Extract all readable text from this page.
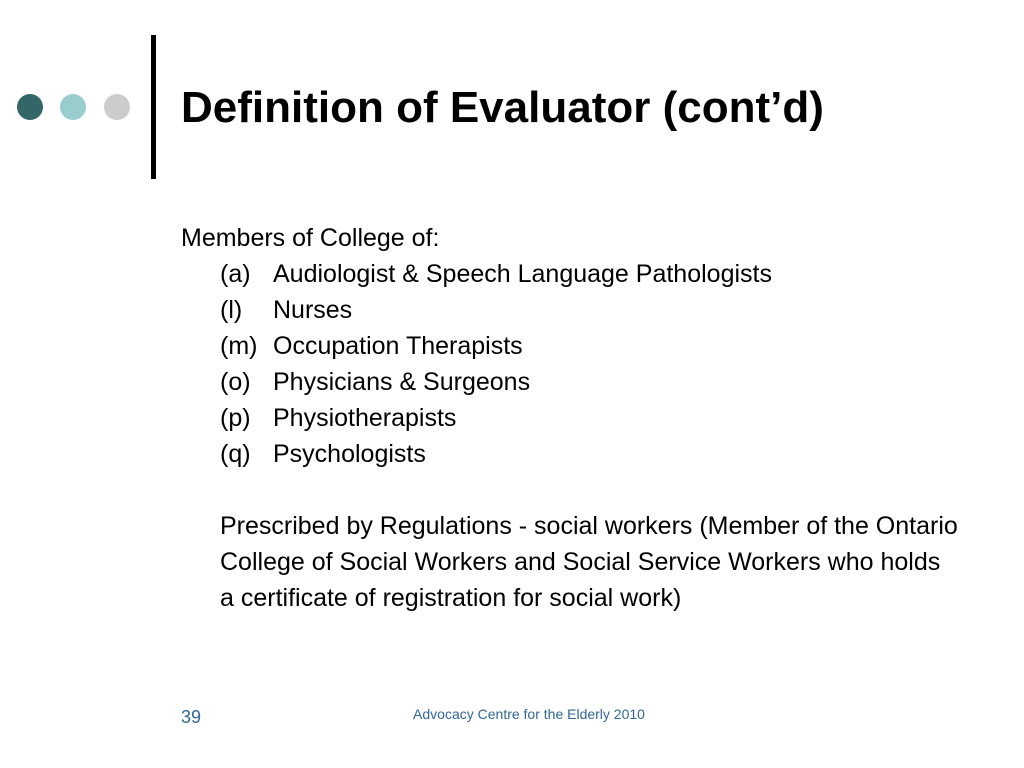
Definition of Evaluator (cont’d)
Members of College of:
(a) Audiologist & Speech Language Pathologists
(l)	Nurses
(m) Occupation Therapists
(o) Physicians & Surgeons
(p) Physiotherapists
(q) Psychologists
Prescribed by Regulations - social workers (Member of the Ontario College of Social Workers and Social Service Workers who holds a certificate of registration for social work)
39	Advocacy Centre for the Elderly 2010
